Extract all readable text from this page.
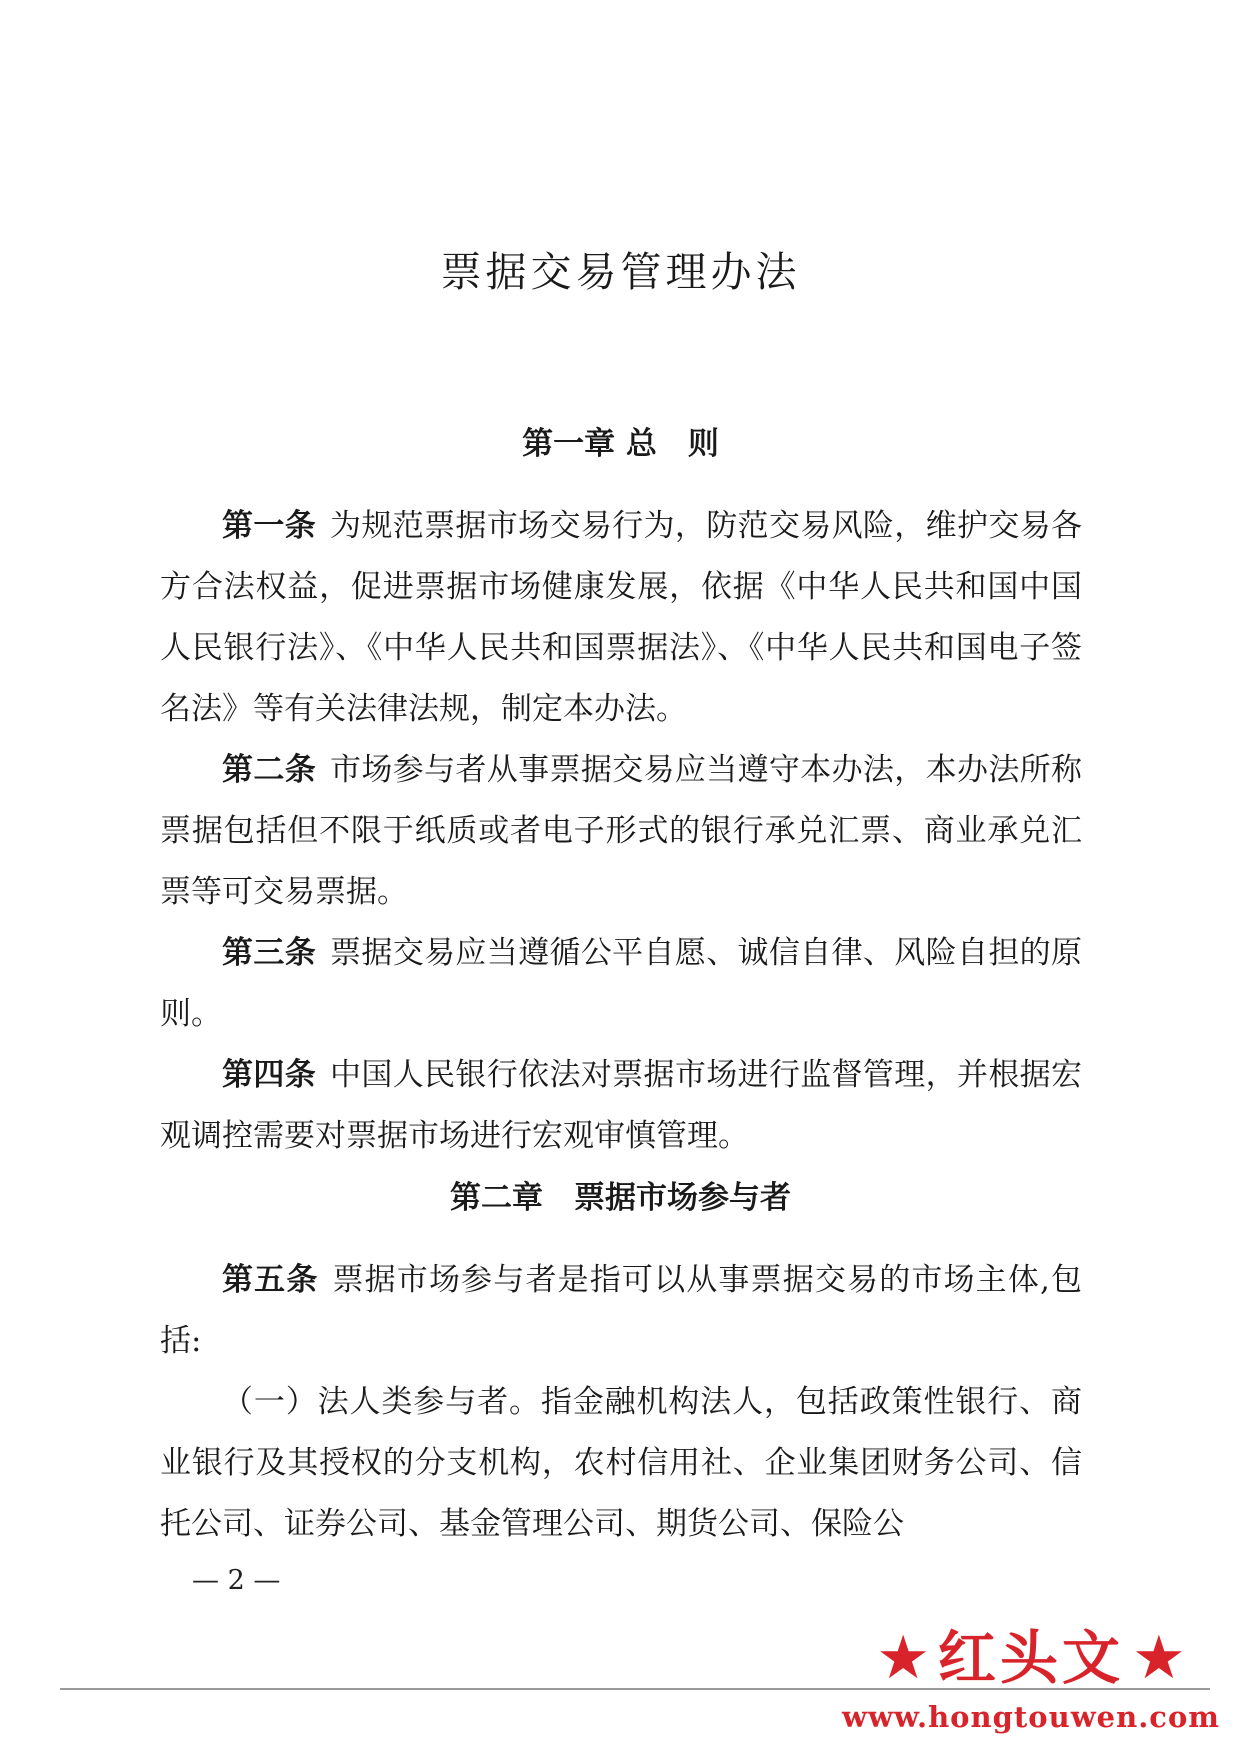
票据交易管理办法
第一章 总　则

第一条 为规范票据市场交易行为，防范交易风险，维护交易各方合法权益，促进票据市场健康发展，依据《中华人民共和国中国人民银行法》、《中华人民共和国票据法》、《中华人民共和国电子签名法》等有关法律法规，制定本办法。

第二条 市场参与者从事票据交易应当遵守本办法，本办法所称票据包括但不限于纸质或者电子形式的银行承兑汇票、商业承兑汇票等可交易票据。

第三条 票据交易应当遵循公平自愿、诚信自律、风险自担的原则。

第四条 中国人民银行依法对票据市场进行监督管理，并根据宏观调控需要对票据市场进行宏观审慎管理。

第二章　票据市场参与者

第五条 票据市场参与者是指可以从事票据交易的市场主体,包括:

（一）法人类参与者。指金融机构法人，包括政策性银行、商业银行及其授权的分支机构，农村信用社、企业集团财务公司、信托公司、证券公司、基金管理公司、期货公司、保险公

— 2 —
★ 红头文 ★
www.hongtouwen.com
